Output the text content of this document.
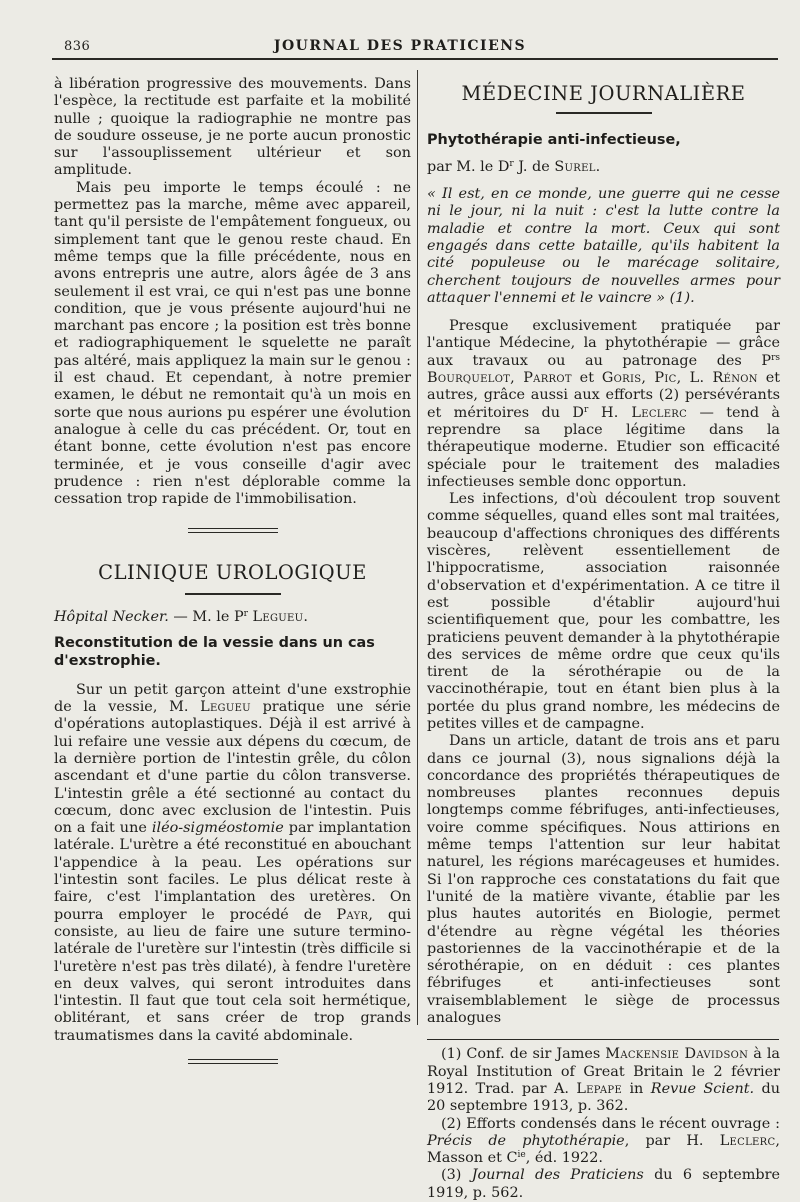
836	JOURNAL DES PRATICIENS

à libération progressive des mouvements. Dans l'espèce, la rectitude est parfaite et la mobilité nulle ; quoique la radiographie ne montre pas de soudure osseuse, je ne porte aucun pronostic sur l'assouplissement ultérieur et son amplitude.

Mais peu importe le temps écoulé : ne permettez pas la marche, même avec appareil, tant qu'il persiste de l'empâtement fongueux, ou simplement tant que le genou reste chaud. En même temps que la fille précédente, nous en avons entrepris une autre, alors âgée de 3 ans seulement il est vrai, ce qui n'est pas une bonne condition, que je vous présente aujourd'hui ne marchant pas encore ; la position est très bonne et radiographiquement le squelette ne paraît pas altéré, mais appliquez la main sur le genou : il est chaud. Et cependant, à notre premier examen, le début ne remontait qu'à un mois en sorte que nous aurions pu espérer une évolution analogue à celle du cas précédent. Or, tout en étant bonne, cette évolution n'est pas encore terminée, et je vous conseille d'agir avec prudence : rien n'est déplorable comme la cessation trop rapide de l'immobilisation.

CLINIQUE UROLOGIQUE

Hôpital Necker. — M. le $P^r$ Legueu.

Reconstitution de la vessie dans un cas
d'exstrophie.

Sur un petit garçon atteint d'une exstrophie de la vessie, M. Legueu pratique une série d'opérations autoplastiques. Déjà il est arrivé à lui refaire une vessie aux dépens du cœcum, de la dernière portion de l'intestin grêle, du côlon ascendant et d'une partie du côlon transverse. L'intestin grêle a été sectionné au contact du cœcum, donc avec exclusion de l'intestin. Puis on a fait une iléo-sigméostomie par implantation latérale. L'urètre a été reconstitué en abouchant l'appendice à la peau. Les opérations sur l'intestin sont faciles. Le plus délicat reste à faire, c'est l'implantation des uretères. On pourra employer le procédé de Payr, qui consiste, au lieu de faire une suture termino-latérale de l'uretère sur l'intestin (très difficile si l'uretère n'est pas très dilaté), à fendre l'uretère en deux valves, qui seront introduites dans l'intestin. Il faut que tout cela soit hermétique, oblitérant, et sans créer de trop grands traumatismes dans la cavité abdominale.

MÉDECINE JOURNALIÈRE

Phytothérapie anti-infectieuse,

par M. le $D^r$ J. de Surel.

« Il est, en ce monde, une guerre qui ne cesse ni le jour, ni la nuit : c'est la lutte contre la maladie et contre la mort. Ceux qui sont engagés dans cette bataille, qu'ils habitent la cité populeuse ou le marécage solitaire, cherchent toujours de nouvelles armes pour attaquer l'ennemi et le vaincre » (1).

Presque exclusivement pratiquée par l'antique Médecine, la phytothérapie — grâce aux travaux ou au patronage des $P^{rs}$ Bourquelot, Parrot et Goris, Pic, L. Rénon et autres, grâce aussi aux efforts (2) persévérants et méritoires du $D^r$ H. Leclerc — tend à reprendre sa place légitime dans la thérapeutique moderne. Etudier son efficacité spéciale pour le traitement des maladies infectieuses semble donc opportun.

Les infections, d'où découlent trop souvent comme séquelles, quand elles sont mal traitées, beaucoup d'affections chroniques des différents viscères, relèvent essentiellement de l'hippocratisme, association raisonnée d'observation et d'expérimentation. A ce titre il est possible d'établir aujourd'hui scientifiquement que, pour les combattre, les praticiens peuvent demander à la phytothérapie des services de même ordre que ceux qu'ils tirent de la sérothérapie ou de la vaccinothérapie, tout en étant bien plus à la portée du plus grand nombre, les médecins de petites villes et de campagne.

Dans un article, datant de trois ans et paru dans ce journal (3), nous signalions déjà la concordance des propriétés thérapeutiques de nombreuses plantes reconnues depuis longtemps comme fébrifuges, anti-infectieuses, voire comme spécifiques. Nous attirions en même temps l'attention sur leur habitat naturel, les régions marécageuses et humides. Si l'on rapproche ces constatations du fait que l'unité de la matière vivante, établie par les plus hautes autorités en Biologie, permet d'étendre au règne végétal les théories pastoriennes de la vaccinothérapie et de la sérothérapie, on en déduit : ces plantes fébrifuges et anti-infectieuses sont vraisemblablement le siège de processus analogues

(1) Conf. de sir James Mackensie Davidson à la Royal Institution of Great Britain le 2 février 1912. Trad. par A. Lepape in Revue Scient. du 20 septembre 1913, p. 362.

(2) Efforts condensés dans le récent ouvrage : Précis de phytothérapie, par H. Leclerc, Masson et $C^{ie}$, éd. 1922.

(3) Journal des Praticiens du 6 septembre 1919, p. 562.
